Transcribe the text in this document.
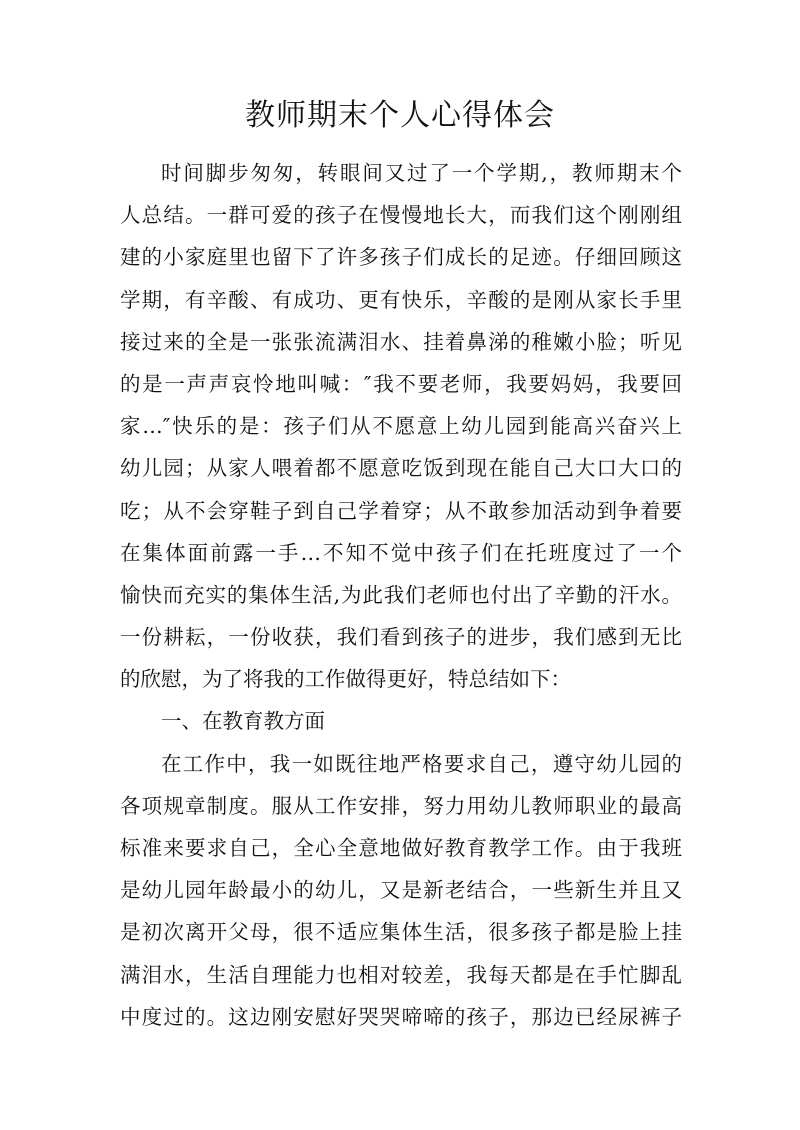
教师期末个人心得体会
时间脚步匆匆，转眼间又过了一个学期,，教师期末个
人总结。一群可爱的孩子在慢慢地长大，而我们这个刚刚组
建的小家庭里也留下了许多孩子们成长的足迹。仔细回顾这
学期，有辛酸、有成功、更有快乐，辛酸的是刚从家长手里
接过来的全是一张张流满泪水、挂着鼻涕的稚嫩小脸；听见
的是一声声哀怜地叫喊：″我不要老师，我要妈妈，我要回
家…″快乐的是：孩子们从不愿意上幼儿园到能高兴奋兴上
幼儿园；从家人喂着都不愿意吃饭到现在能自己大口大口的
吃；从不会穿鞋子到自己学着穿；从不敢参加活动到争着要
在集体面前露一手…不知不觉中孩子们在托班度过了一个
愉快而充实的集体生活,为此我们老师也付出了辛勤的汗水。
一份耕耘，一份收获，我们看到孩子的进步，我们感到无比
的欣慰，为了将我的工作做得更好，特总结如下：
一、在教育教方面
在工作中，我一如既往地严格要求自己，遵守幼儿园的
各项规章制度。服从工作安排，努力用幼儿教师职业的最高
标准来要求自己，全心全意地做好教育教学工作。由于我班
是幼儿园年龄最小的幼儿，又是新老结合，一些新生并且又
是初次离开父母，很不适应集体生活，很多孩子都是脸上挂
满泪水，生活自理能力也相对较差，我每天都是在手忙脚乱
中度过的。这边刚安慰好哭哭啼啼的孩子，那边已经尿裤子
